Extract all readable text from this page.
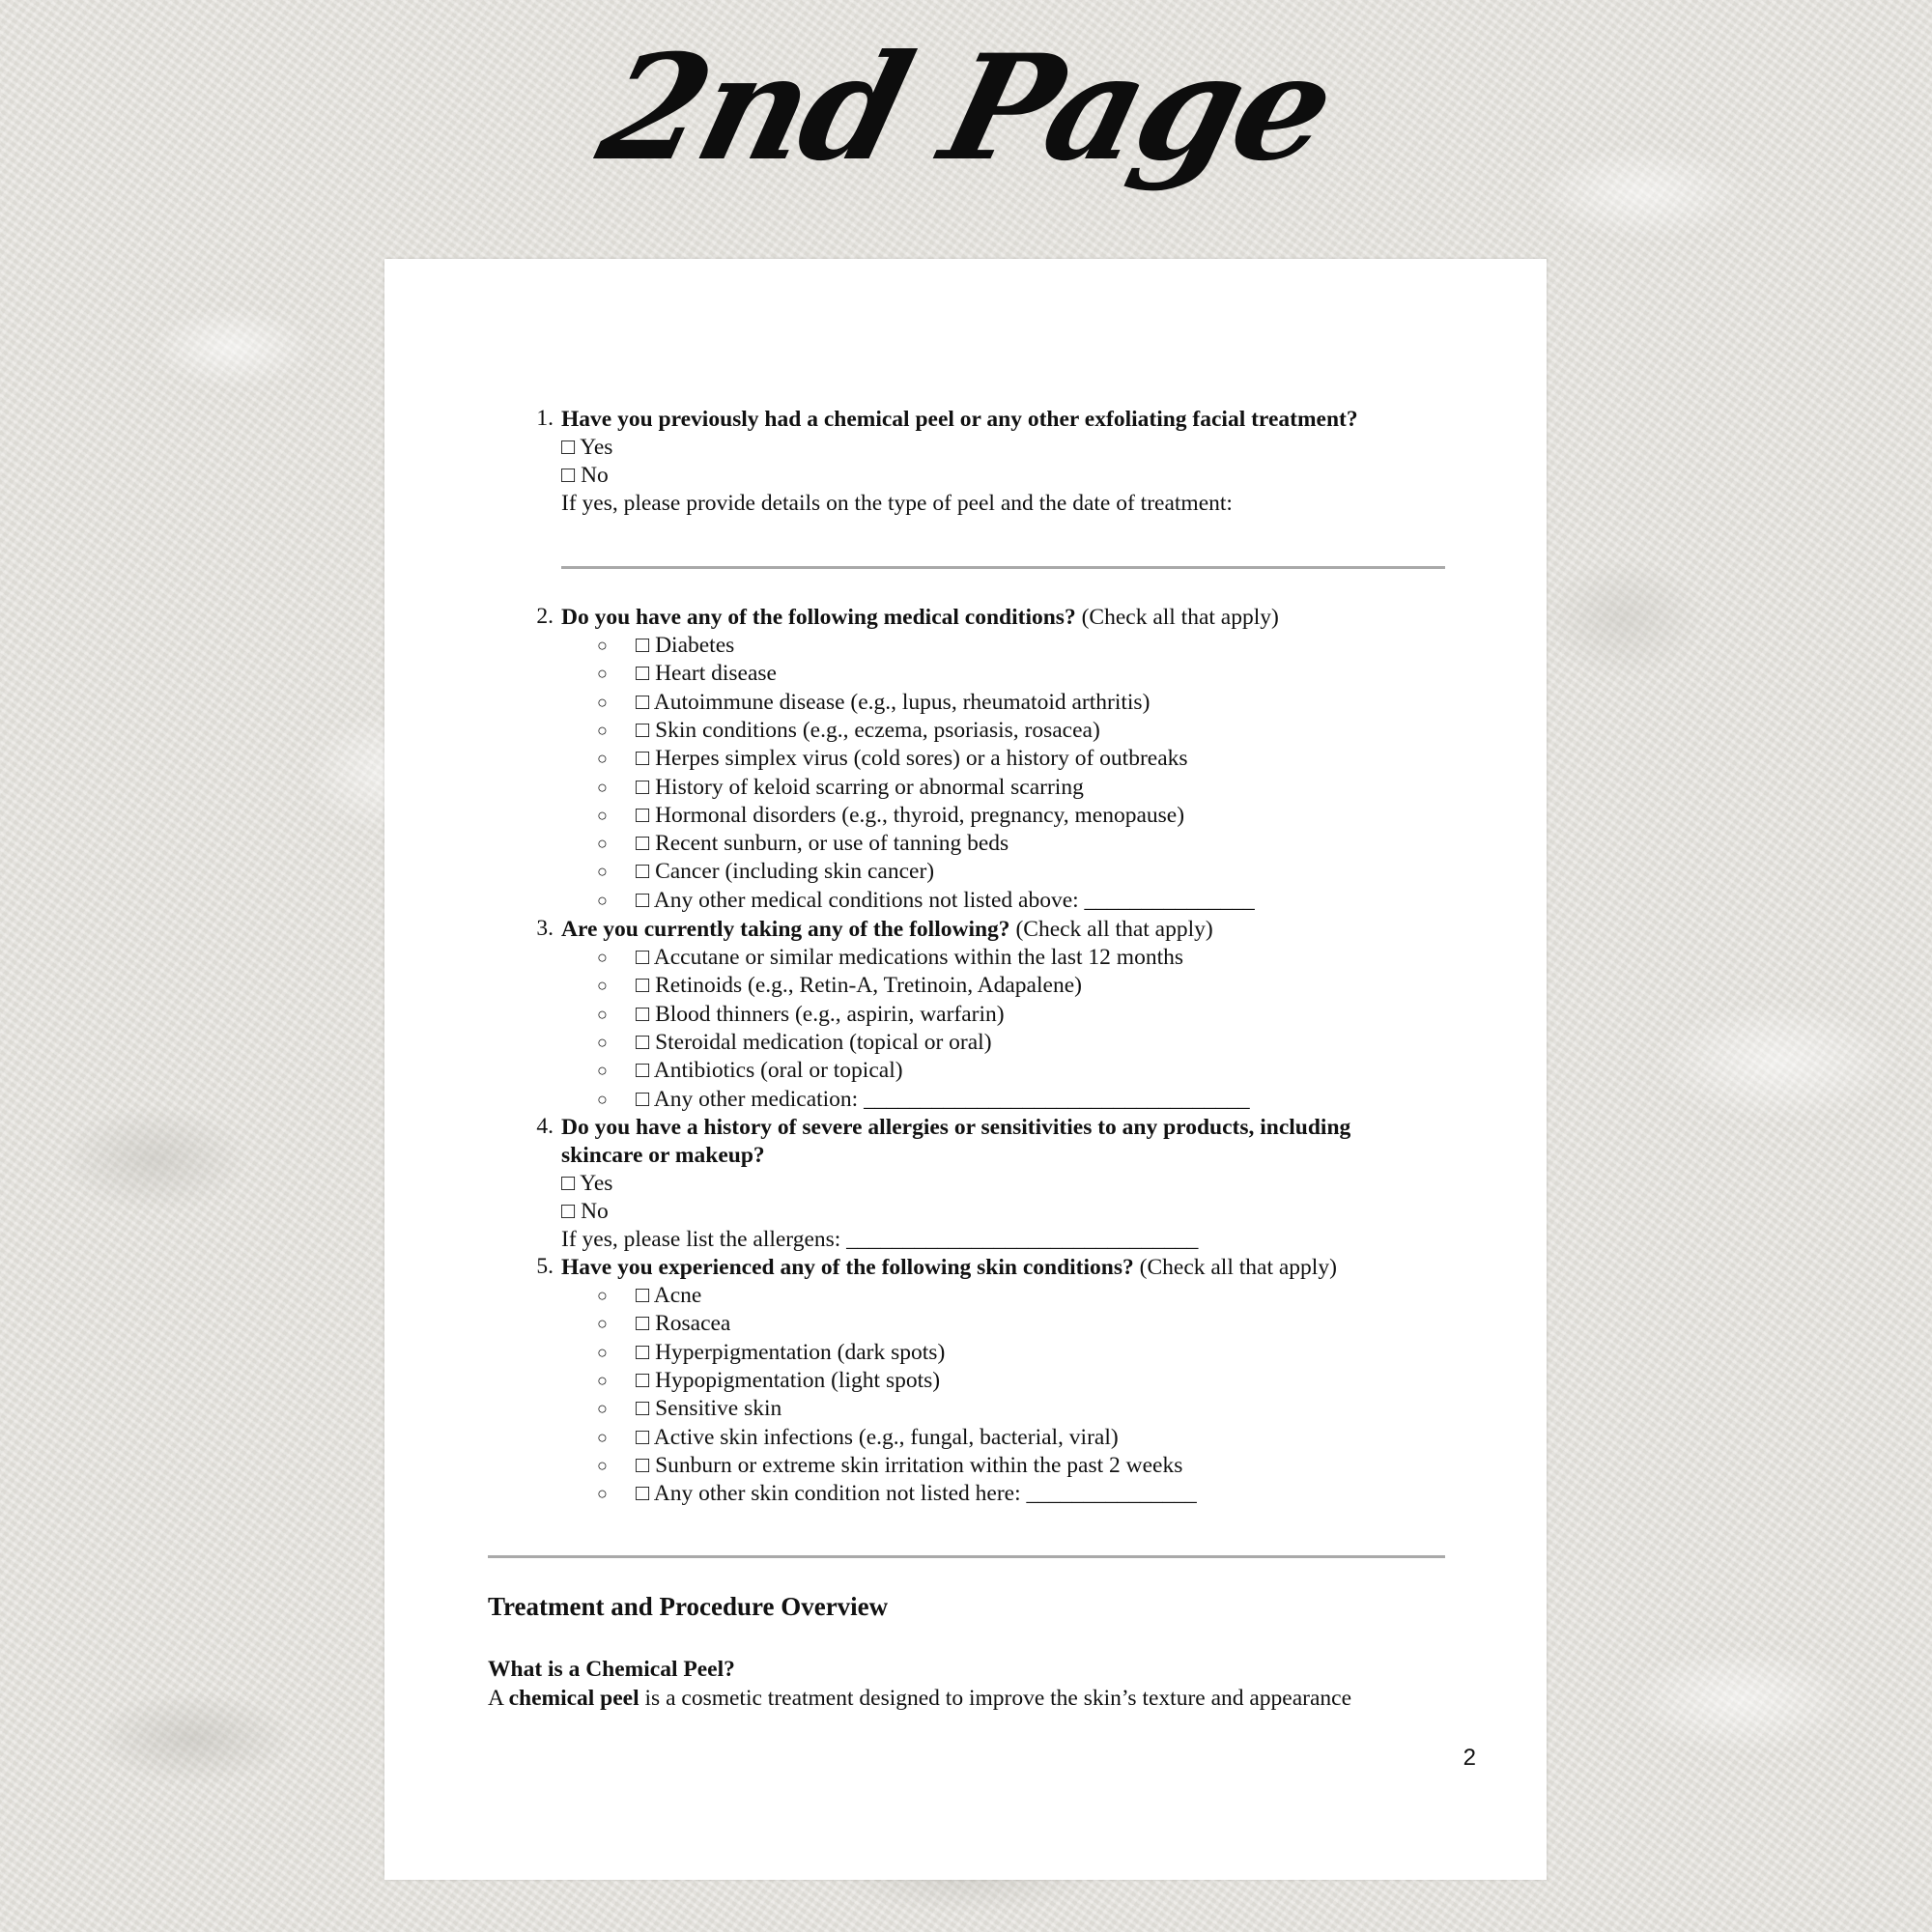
2nd Page
1. Have you previously had a chemical peel or any other exfoliating facial treatment?
□ Yes
□ No
If yes, please provide details on the type of peel and the date of treatment:
2. Do you have any of the following medical conditions? (Check all that apply)
○ □ Diabetes
○ □ Heart disease
○ □ Autoimmune disease (e.g., lupus, rheumatoid arthritis)
○ □ Skin conditions (e.g., eczema, psoriasis, rosacea)
○ □ Herpes simplex virus (cold sores) or a history of outbreaks
○ □ History of keloid scarring or abnormal scarring
○ □ Hormonal disorders (e.g., thyroid, pregnancy, menopause)
○ □ Recent sunburn, or use of tanning beds
○ □ Cancer (including skin cancer)
○ □ Any other medical conditions not listed above: _______________
3. Are you currently taking any of the following? (Check all that apply)
○ □ Accutane or similar medications within the last 12 months
○ □ Retinoids (e.g., Retin-A, Tretinoin, Adapalene)
○ □ Blood thinners (e.g., aspirin, warfarin)
○ □ Steroidal medication (topical or oral)
○ □ Antibiotics (oral or topical)
○ □ Any other medication: __________________________________
4. Do you have a history of severe allergies or sensitivities to any products, including
skincare or makeup?
□ Yes
□ No
If yes, please list the allergens: _______________________________
5. Have you experienced any of the following skin conditions? (Check all that apply)
○ □ Acne
○ □ Rosacea
○ □ Hyperpigmentation (dark spots)
○ □ Hypopigmentation (light spots)
○ □ Sensitive skin
○ □ Active skin infections (e.g., fungal, bacterial, viral)
○ □ Sunburn or extreme skin irritation within the past 2 weeks
○ □ Any other skin condition not listed here: _______________
Treatment and Procedure Overview
What is a Chemical Peel?
A chemical peel is a cosmetic treatment designed to improve the skin’s texture and appearance
2
